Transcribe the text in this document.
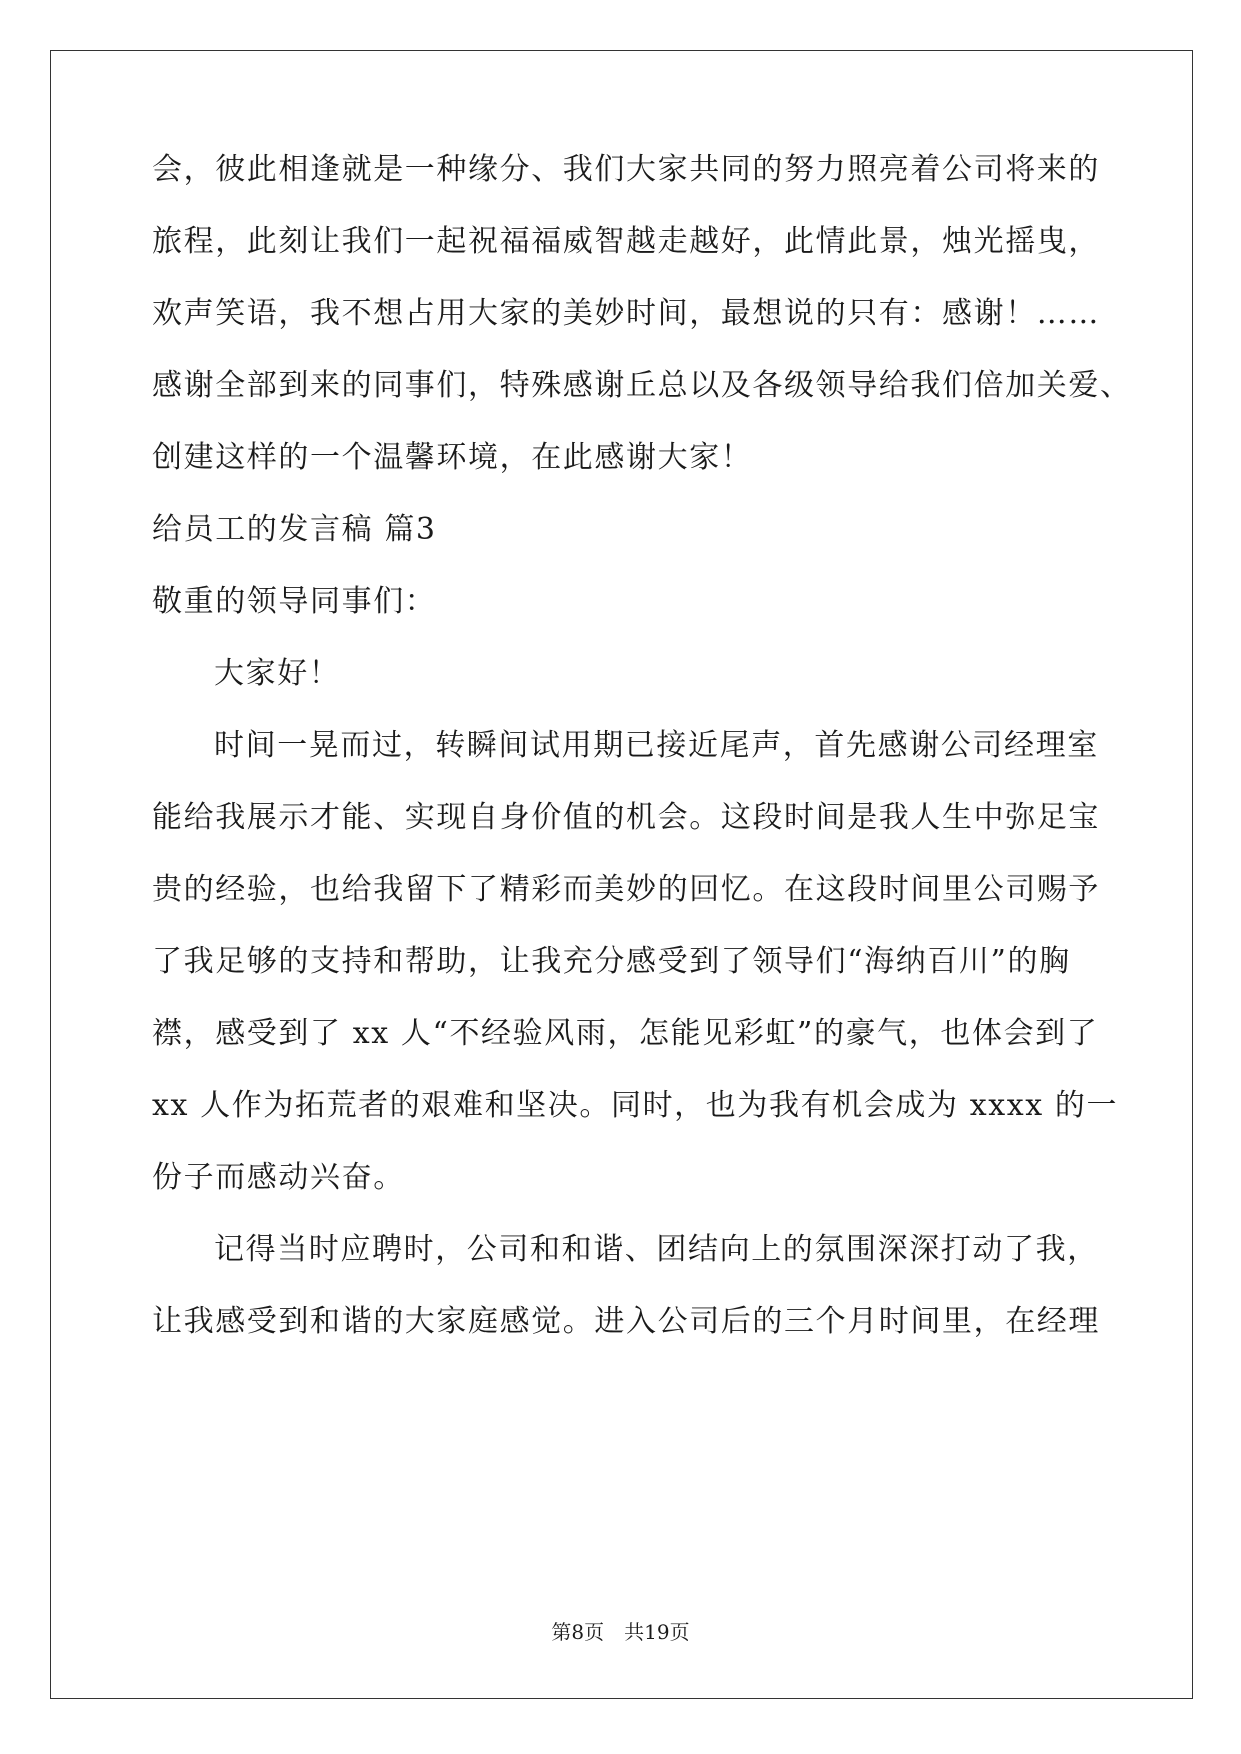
会，彼此相逢就是一种缘分、我们大家共同的努力照亮着公司将来的
旅程，此刻让我们一起祝福福威智越走越好，此情此景，烛光摇曳，
欢声笑语，我不想占用大家的美妙时间，最想说的只有：感谢！……
感谢全部到来的同事们，特殊感谢丘总以及各级领导给我们倍加关爱、
创建这样的一个温馨环境，在此感谢大家！
给员工的发言稿 篇3
敬重的领导同事们：
大家好！
时间一晃而过，转瞬间试用期已接近尾声，首先感谢公司经理室
能给我展示才能、实现自身价值的机会。这段时间是我人生中弥足宝
贵的经验，也给我留下了精彩而美妙的回忆。在这段时间里公司赐予
了我足够的支持和帮助，让我充分感受到了领导们“海纳百川”的胸
襟，感受到了 xx 人“不经验风雨，怎能见彩虹”的豪气，也体会到了
xx 人作为拓荒者的艰难和坚决。同时，也为我有机会成为 xxxx 的一
份子而感动兴奋。
记得当时应聘时，公司和和谐、团结向上的氛围深深打动了我，
让我感受到和谐的大家庭感觉。进入公司后的三个月时间里，在经理
第8页　共19页
